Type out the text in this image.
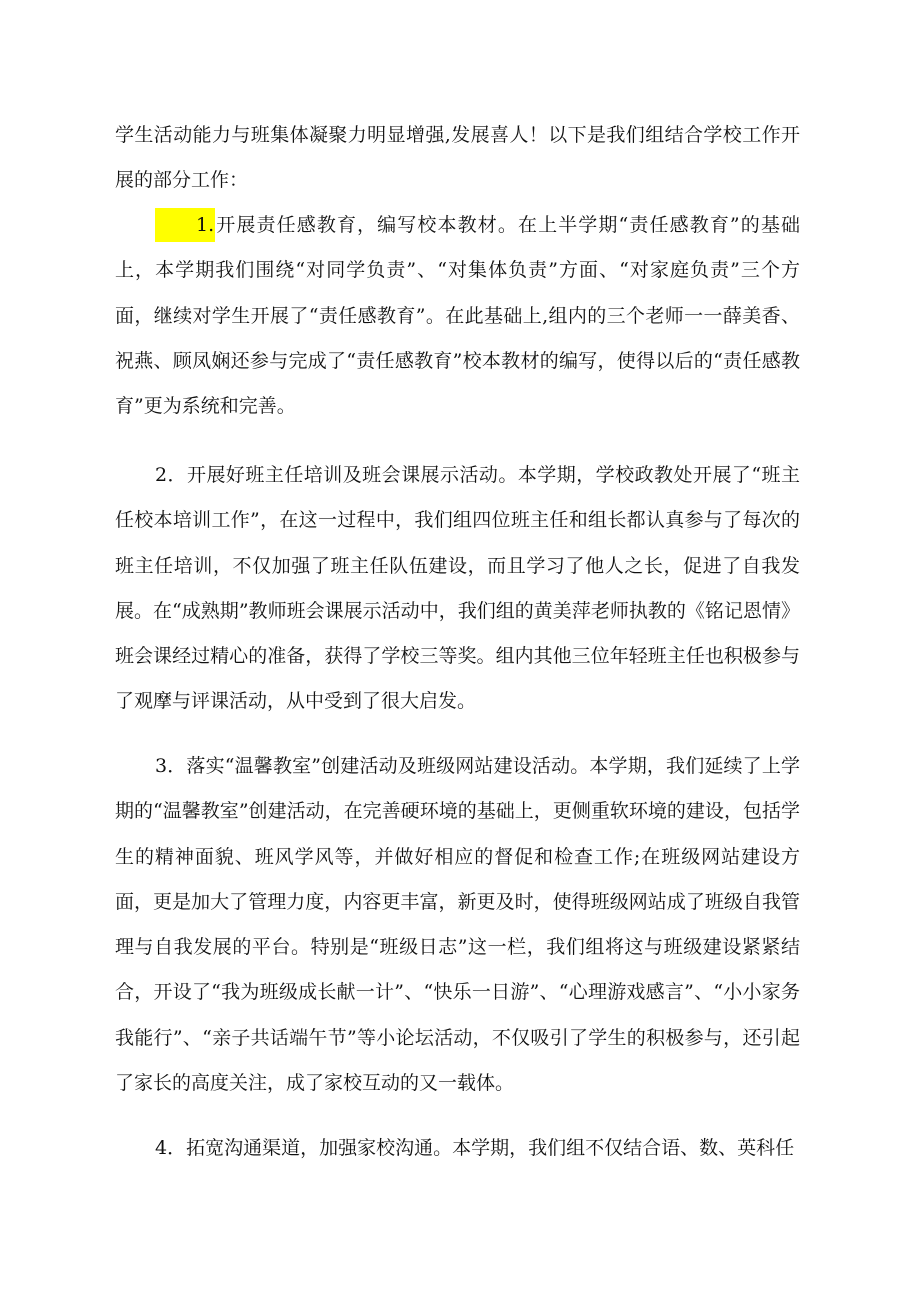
学生活动能力与班集体凝聚力明显增强,发展喜人！以下是我们组结合学校工作开展的部分工作：

1.开展责任感教育，编写校本教材。在上半学期“责任感教育”的基础上，本学期我们围绕“对同学负责”、“对集体负责”方面、“对家庭负责”三个方面，继续对学生开展了“责任感教育”。在此基础上,组内的三个老师一一薛美香、祝燕、顾凤娴还参与完成了“责任感教育”校本教材的编写，使得以后的“责任感教育”更为系统和完善。

2．开展好班主任培训及班会课展示活动。本学期，学校政教处开展了“班主任校本培训工作”，在这一过程中，我们组四位班主任和组长都认真参与了每次的班主任培训，不仅加强了班主任队伍建设，而且学习了他人之长，促进了自我发展。在“成熟期”教师班会课展示活动中，我们组的黄美萍老师执教的《铭记恩情》班会课经过精心的准备，获得了学校三等奖。组内其他三位年轻班主任也积极参与了观摩与评课活动，从中受到了很大启发。

3．落实“温馨教室”创建活动及班级网站建设活动。本学期，我们延续了上学期的“温馨教室”创建活动，在完善硬环境的基础上，更侧重软环境的建设，包括学生的精神面貌、班风学风等，并做好相应的督促和检查工作;在班级网站建设方面，更是加大了管理力度，内容更丰富，新更及时，使得班级网站成了班级自我管理与自我发展的平台。特别是“班级日志”这一栏，我们组将这与班级建设紧紧结合，开设了“我为班级成长献一计”、“快乐一日游”、“心理游戏感言”、“小小家务我能行”、“亲子共话端午节”等小论坛活动，不仅吸引了学生的积极参与，还引起了家长的高度关注，成了家校互动的又一载体。

4．拓宽沟通渠道，加强家校沟通。本学期，我们组不仅结合语、数、英科任
